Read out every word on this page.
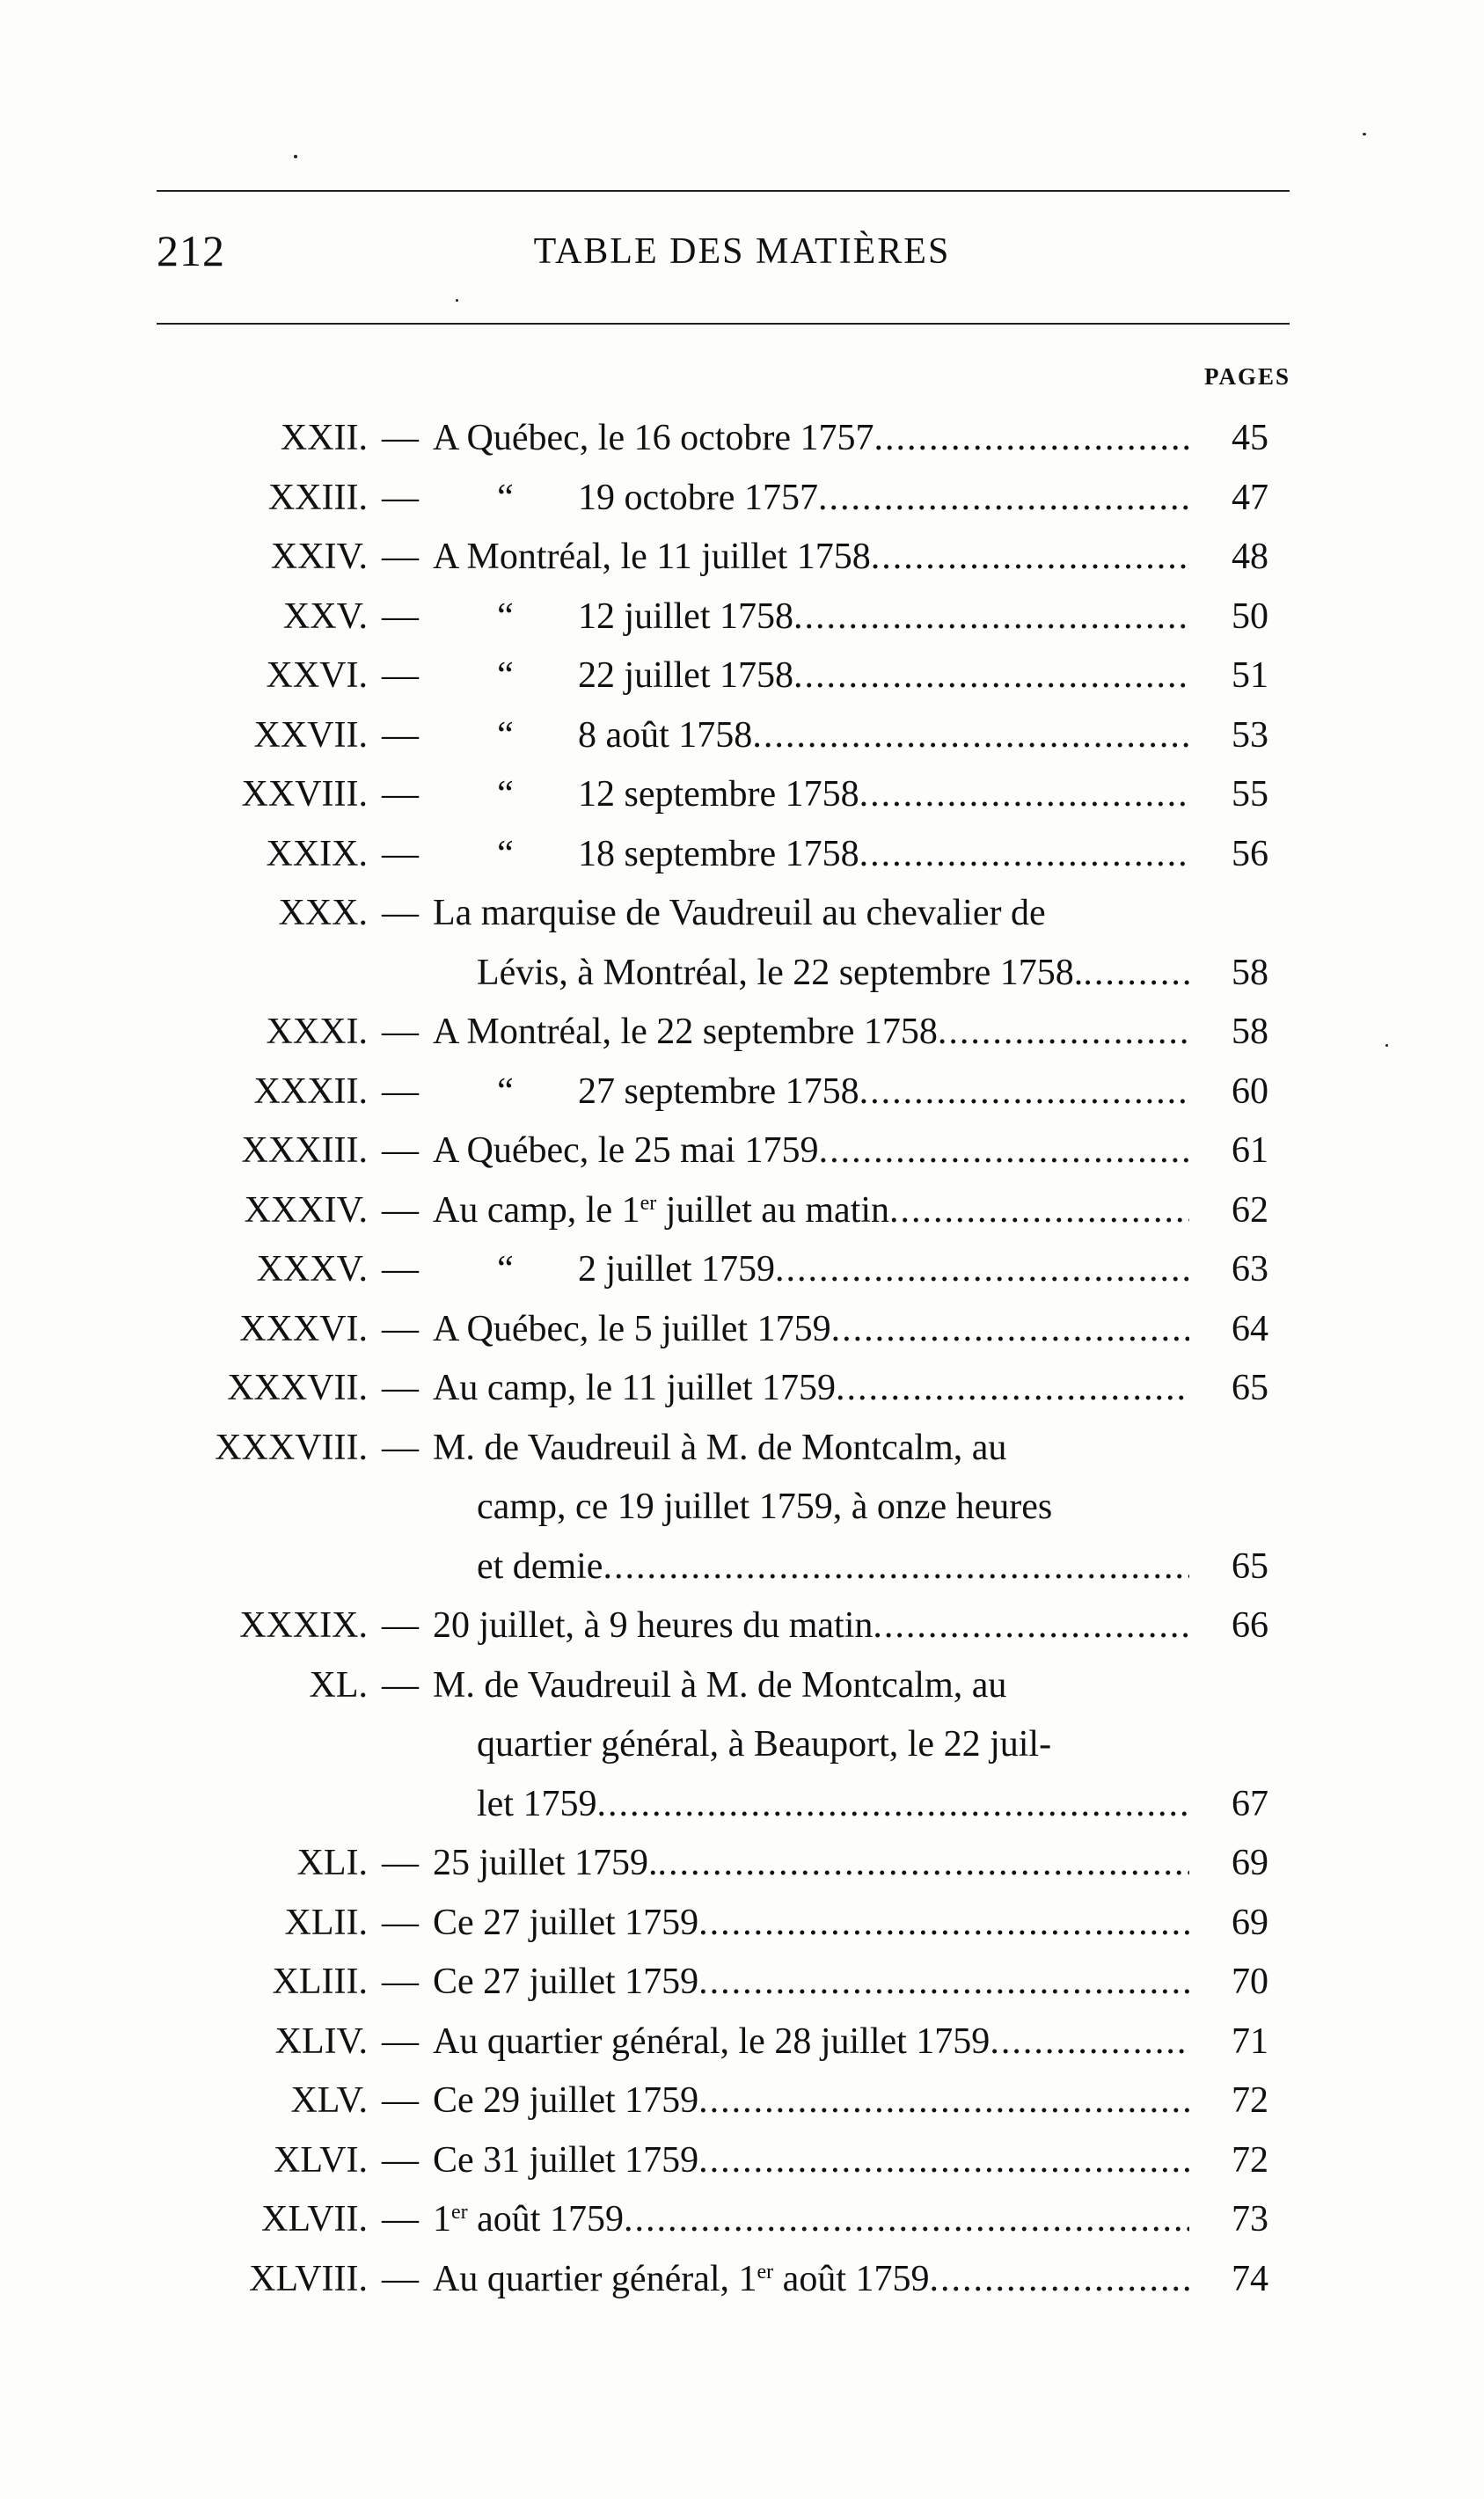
212	TABLE DES MATIÈRES
PAGES
XXII. — A Québec, le 16 octobre 1757 .....	45
XXIII. —	“	19 octobre 1757 .....	47
XXIV. — A Montréal, le 11 juillet 1758 .....	48
XXV. —	“	12 juillet 1758 .....	50
XXVI. —	“	22 juillet 1758 .....	51
XXVII. —	“	8 août 1758 .....	53
XXVIII. —	“	12 septembre 1758 .....	55
XXIX. —	“	18 septembre 1758 .....	56
XXX. — La marquise de Vaudreuil au chevalier de
Lévis, à Montréal, le 22 septembre 1758. .....	58
XXXI. — A Montréal, le 22 septembre 1758 .....	58
XXXII. —	“	27 septembre 1758 .....	60
XXXIII. — A Québec, le 25 mai 1759 .....	61
XXXIV. — Au camp, le 1er juillet au matin .....	62
XXXV. —	“	2 juillet 1759 .....	63
XXXVI. — A Québec, le 5 juillet 1759 .....	64
XXXVII. — Au camp, le 11 juillet 1759 .....	65
XXXVIII. — M. de Vaudreuil à M. de Montcalm, au
camp, ce 19 juillet 1759, à onze heures
et demie .....	65
XXXIX. — 20 juillet, à 9 heures du matin .....	66
XL. — M. de Vaudreuil à M. de Montcalm, au
quartier général, à Beauport, le 22 juil-
let 1759 .....	67
XLI. — 25 juillet 1759. .....	69
XLII. — Ce 27 juillet 1759 .....	69
XLIII. — Ce 27 juillet 1759 .....	70
XLIV. — Au quartier général, le 28 juillet 1759 .....	71
XLV. — Ce 29 juillet 1759 .....	72
XLVI. — Ce 31 juillet 1759 .....	72
XLVII. — 1er août 1759 .....	73
XLVIII. — Au quartier général, 1er août 1759 .....	74
